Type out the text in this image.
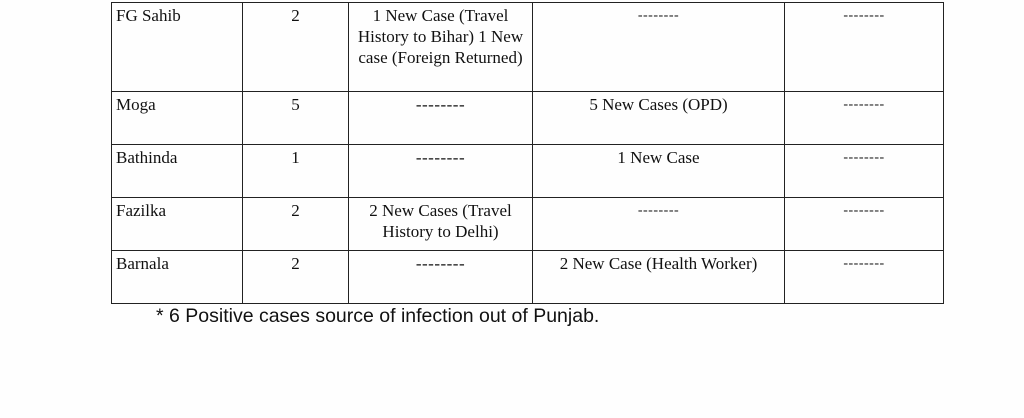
FG Sahib	2	1 New Case (Travel History to Bihar) 1 New case (Foreign Returned)	--------	--------
Moga	5	--------	5 New Cases (OPD)	--------
Bathinda	1	--------	1 New Case	--------
Fazilka	2	2 New Cases (Travel History to Delhi)	--------	--------
Barnala	2	--------	2 New Case (Health Worker)	--------
* 6 Positive cases source of infection out of Punjab.
